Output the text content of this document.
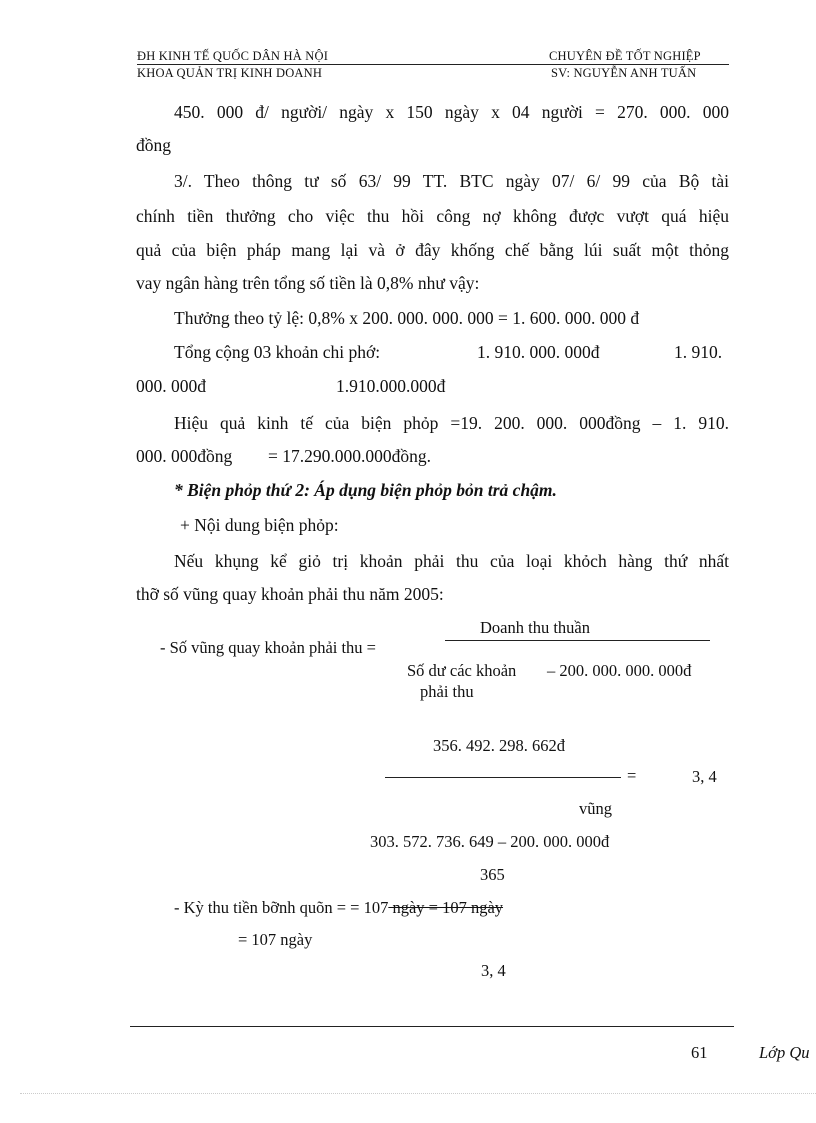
ĐH KINH TẾ QUỐC DÂN HÀ NỘI
KHOA QUẢN TRỊ KINH DOANH
CHUYÊN ĐỀ TỐT NGHIỆP
SV: NGUYỄN ANH TUẤN
450. 000 đ/ người/ ngày x 150 ngày x 04 người = 270. 000. 000
đồng
3/. Theo thông tư số 63/ 99 TT. BTC ngày 07/ 6/ 99 của Bộ tài
chính tiền thưởng cho việc thu hồi công nợ không được vượt quá hiệu
quả của biện pháp mang lại và ở đây khống chế bằng lúi suất một thỏng
vay ngân hàng trên tổng số tiền là 0,8% như vậy:
Thưởng theo tỷ lệ: 0,8% x 200. 000. 000. 000 = 1. 600. 000. 000 đ
Tổng cộng 03 khoản chi phớ:	1. 910. 000. 000đ	1. 910.
000. 000đ	1.910.000.000đ
Hiệu quả kinh tế của biện phỏp =19. 200. 000. 000đồng – 1. 910.
000. 000đồng = 17.290.000.000đồng.
* Biện phỏp thứ 2: Áp dụng biện phỏp bỏn trả chậm.
+ Nội dung biện phỏp:
Nếu khụng kể giỏ trị khoản phải thu của loại khỏch hàng thứ nhất
thỡ số vũng quay khoản phải thu năm 2005:
Doanh thu thuần
- Số vũng quay khoản phải thu =
Số dư các khoản – 200. 000. 000. 000đ
phải thu
356. 492. 298. 662đ
=	3, 4
vũng
303. 572. 736. 649 – 200. 000. 000đ
365
- Kỳ thu tiền bỡnh quõn = = 107 ngày = 107 ngày
= 107 ngày
3, 4
61	Lớp Qu
